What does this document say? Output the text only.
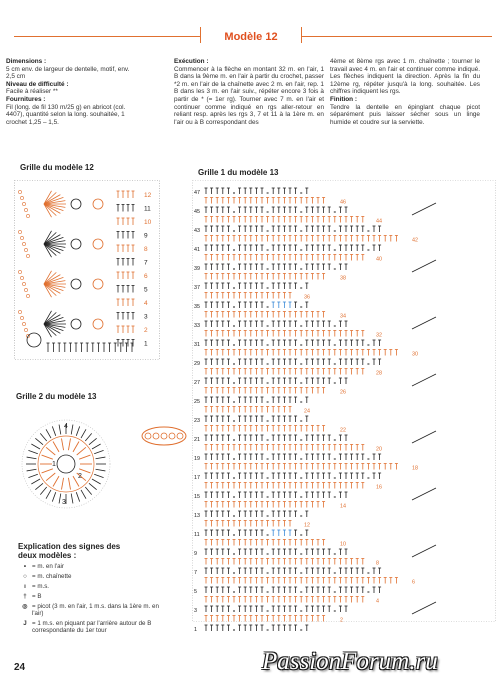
Modèle 12
Dimensions :

5 cm env. de largeur de dentelle, motif, env. 2,5 cm

Niveau de difficulté :

Facile à réaliser **

Fournitures :

Fil (long. de fil 130 m/25 g) en abricot (col. 4407), quantité selon la long. souhaitée, 1 crochet 1,25 – 1,5.

Exécution :

Commencer à la flèche en montant 32 m. en l'air, 1 B dans la 9ème m. en l'air à partir du crochet, passer *2 m. en l'air de la chaînette avec 2 m. en l'air, rep. 1 B dans les 3 m. en l'air suiv., répéter encore 3 fois à partir de * (= 1er rg). Tourner avec 7 m. en l'air et continuer comme indiqué en rgs aller-retour en reliant resp. après les rgs 3, 7 et 11 à la 1ère m. en l'air ou à B correspondant des

4ème et 8ème rgs avec 1 m. chaînette ; tourner le travail avec 4 m. en l'air et continuer comme indiqué. Les flèches indiquent la direction. Après la fin du 12ème rg, répéter jusqu'à la long. souhaitée. Les chiffres indiquent les rgs.

Finition :

Tendre la dentelle en épinglant chaque picot séparément puis laisser sécher sous un linge humide et coudre sur la serviette.

Grille du modèle 12
Grille 1 du modèle 13
Grille 2 du modèle 13
12
11
10
9
8
7
6
5
4
3
2
1
47
46
45
44
43
42
41
40
39
38
37
36
35
34
33
32
31
30
29
28
27
26
25
24
23
22
21
20
19
18
17
16
15
14
13
12
11
10
9
8
7
6
5
4
3
2
1
4
1
2
3
Explication des signes des
deux modèles :
• = m. en l'air
○ = m. chaînette
ı = m.s.
† = B
◎ = picot (3 m. en l'air, 1 m.s. dans la 1ère m. en l'air)
J = 1 m.s. en piquant par l'arrière autour de B correspondante du 1er tour
24	PassionForum.ru
